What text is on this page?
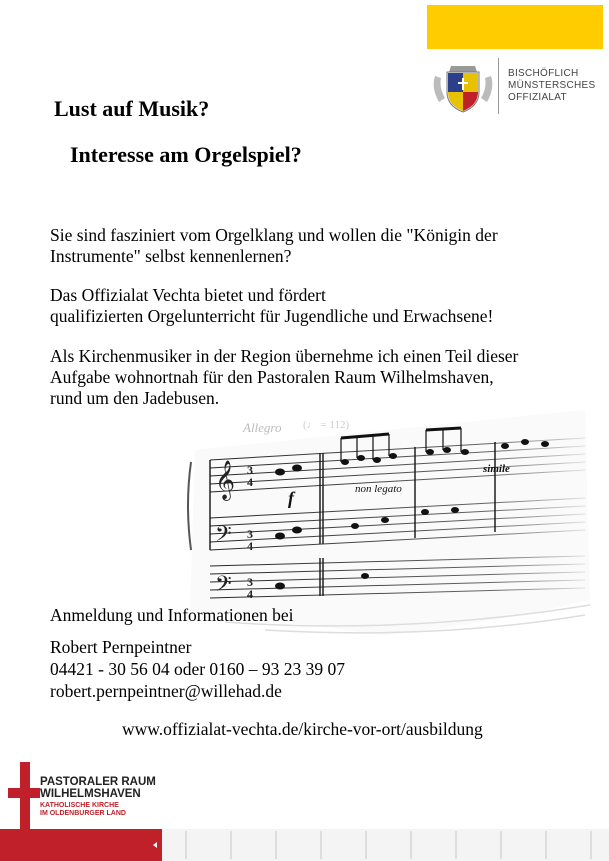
BISCHÖFLICH
MÜNSTERSCHES
OFFIZIALAT
Lust auf Musik?
Interesse am Orgelspiel?
Sie sind fasziniert vom Orgelklang und wollen die "Königin der
Instrumente" selbst kennenlernen?
Das Offizialat Vechta bietet und fördert
qualifizierten Orgelunterricht für Jugendliche und Erwachsene!
Als Kirchenmusiker in der Region übernehme ich einen Teil dieser
Aufgabe wohnortnah für den Pastoralen Raum Wilhelmshaven,
rund um den Jadebusen.
𝄞
𝄢
𝄢
3
4
3
4
3
4
Allegro (♩ = 112)
f	non legato
simile
Anmeldung und Informationen bei
Robert Pernpeintner
04421 - 30 56 04 oder 0160 – 93 23 39 07
robert.pernpeintner@willehad.de
www.offizialat-vechta.de/kirche-vor-ort/ausbildung
PASTORALER RAUM
WILHELMSHAVEN
KATHOLISCHE KIRCHE
IM OLDENBURGER LAND
